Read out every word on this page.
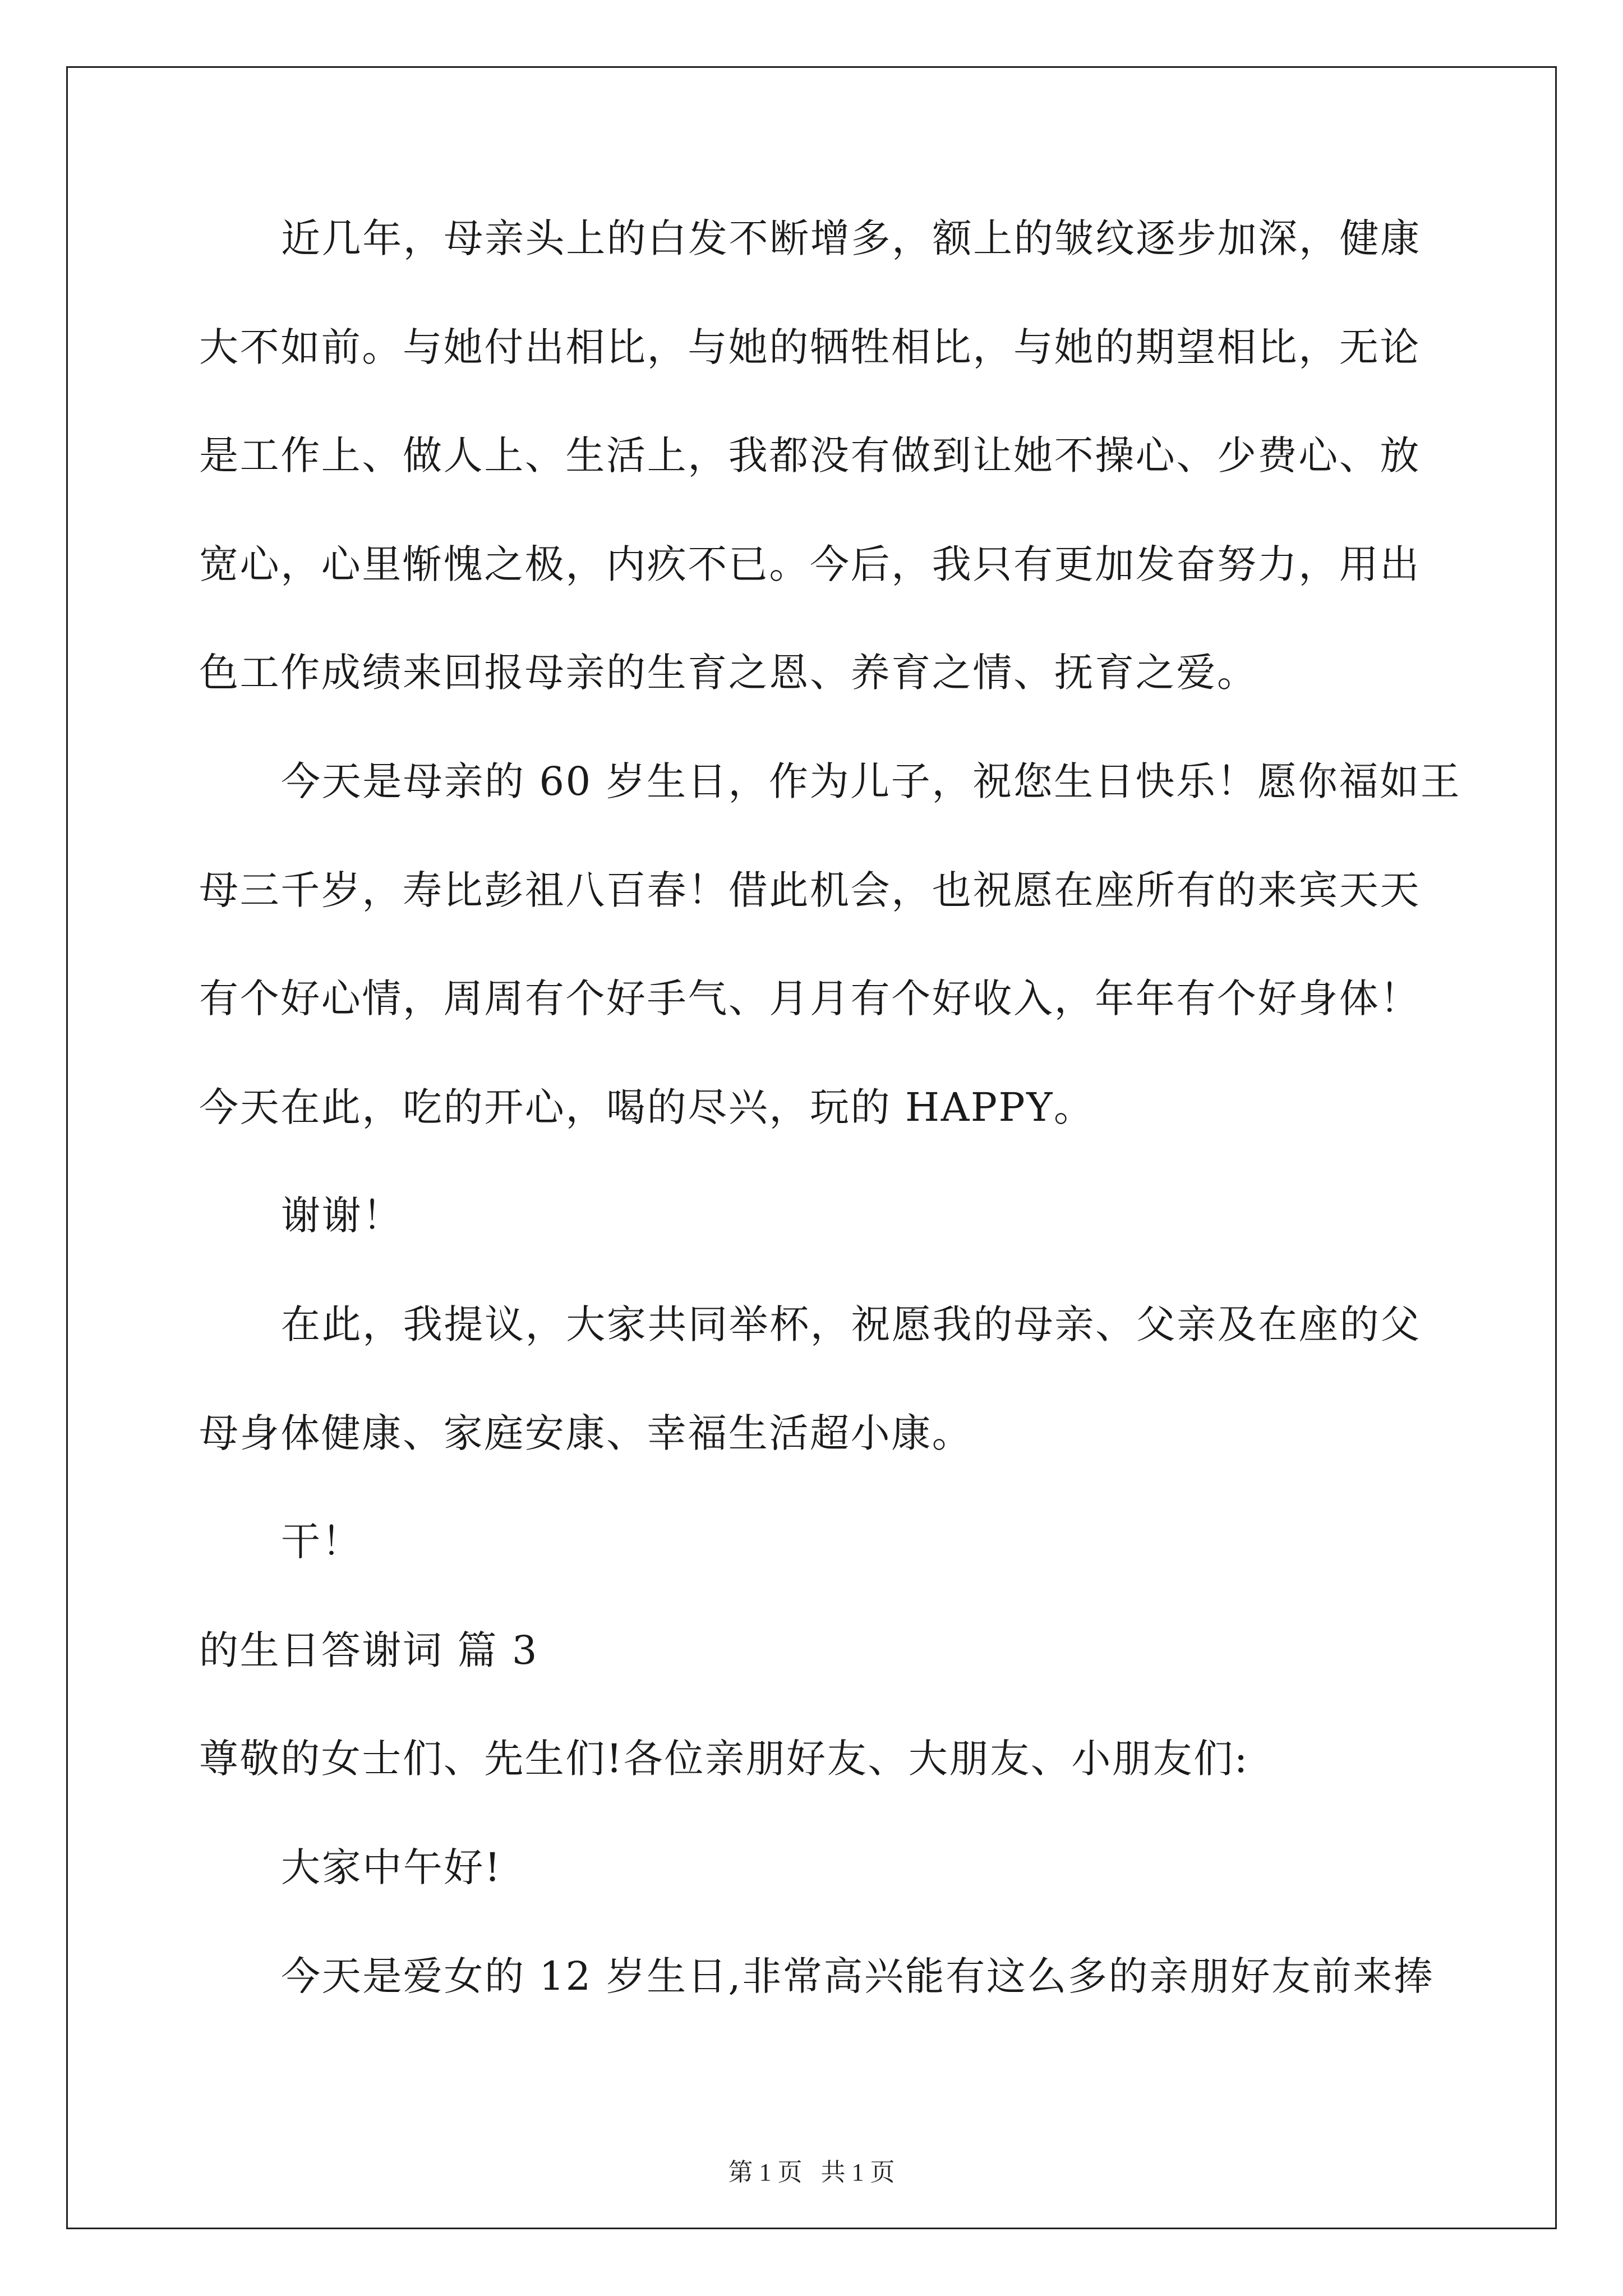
近几年，母亲头上的白发不断增多，额上的皱纹逐步加深，健康
大不如前。与她付出相比，与她的牺牲相比，与她的期望相比，无论
是工作上、做人上、生活上，我都没有做到让她不操心、少费心、放
宽心，心里惭愧之极，内疚不已。今后，我只有更加发奋努力，用出
色工作成绩来回报母亲的生育之恩、养育之情、抚育之爱。
今天是母亲的 60 岁生日，作为儿子，祝您生日快乐！愿你福如王
母三千岁，寿比彭祖八百春！借此机会，也祝愿在座所有的来宾天天
有个好心情，周周有个好手气、月月有个好收入，年年有个好身体！
今天在此，吃的开心，喝的尽兴，玩的 HAPPY。
谢谢！
在此，我提议，大家共同举杯，祝愿我的母亲、父亲及在座的父
母身体健康、家庭安康、幸福生活超小康。
干！
的生日答谢词 篇 3
尊敬的女士们、先生们!各位亲朋好友、大朋友、小朋友们:
大家中午好!
今天是爱女的 12 岁生日,非常高兴能有这么多的亲朋好友前来捧
第 1 页   共 1 页
